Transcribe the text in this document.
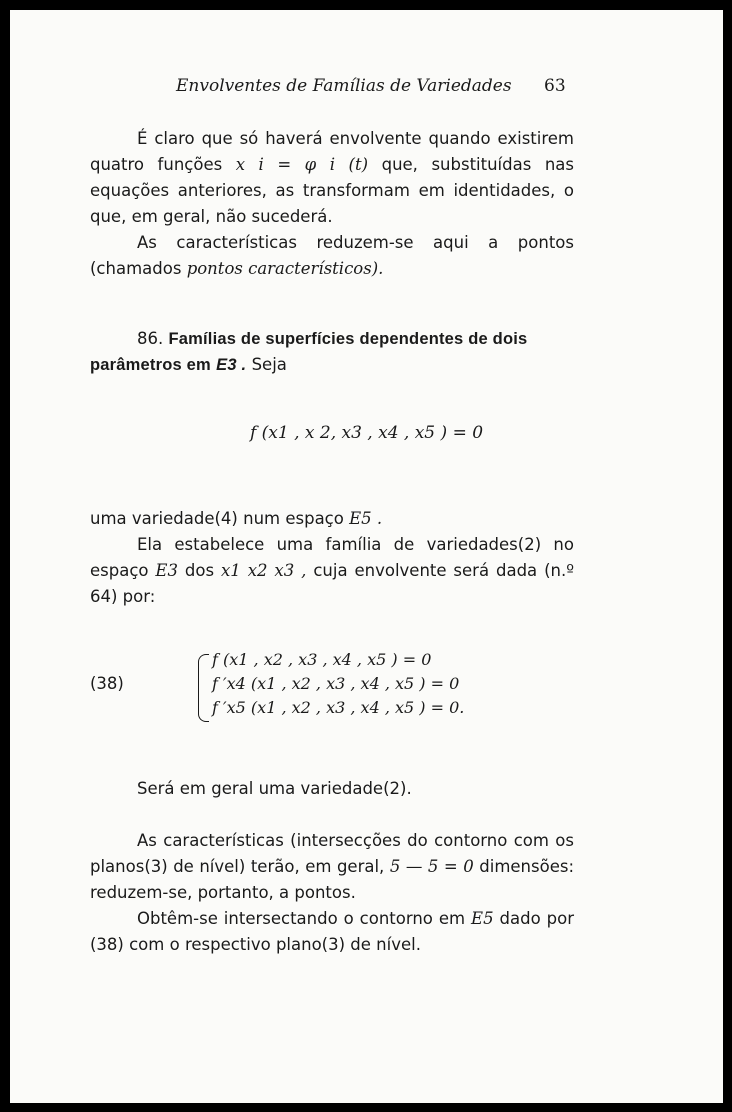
Envolventes de Famílias de Variedades 63

É claro que só haverá envolvente quando existirem quatro funções x i = φ i (t) que, substituídas nas equações anteriores, as transformam em identidades, o que, em geral, não sucederá.

As características reduzem-se aqui a pontos (chamados pontos característicos).

86. Famílias de superfícies dependentes de dois parâmetros em E3 . Seja
f (x1 , x 2, x3 , x4 , x5 ) = 0

uma variedade(4) num espaço E5 .

Ela estabelece uma família de variedades(2) no espaço E3 dos x1 x2 x3 , cuja envolvente será dada (n.º 64) por:

(38)
f (x1 , x2 , x3 , x4 , x5 ) = 0
f ′x4 (x1 , x2 , x3 , x4 , x5 ) = 0
f ′x5 (x1 , x2 , x3 , x4 , x5 ) = 0.

Será em geral uma variedade(2).

As características (intersecções do contorno com os planos(3) de nível) terão, em geral, 5 — 5 = 0 dimensões: reduzem-se, portanto, a pontos.

Obtêm-se intersectando o contorno em E5 dado por (38) com o respectivo plano(3) de nível.
